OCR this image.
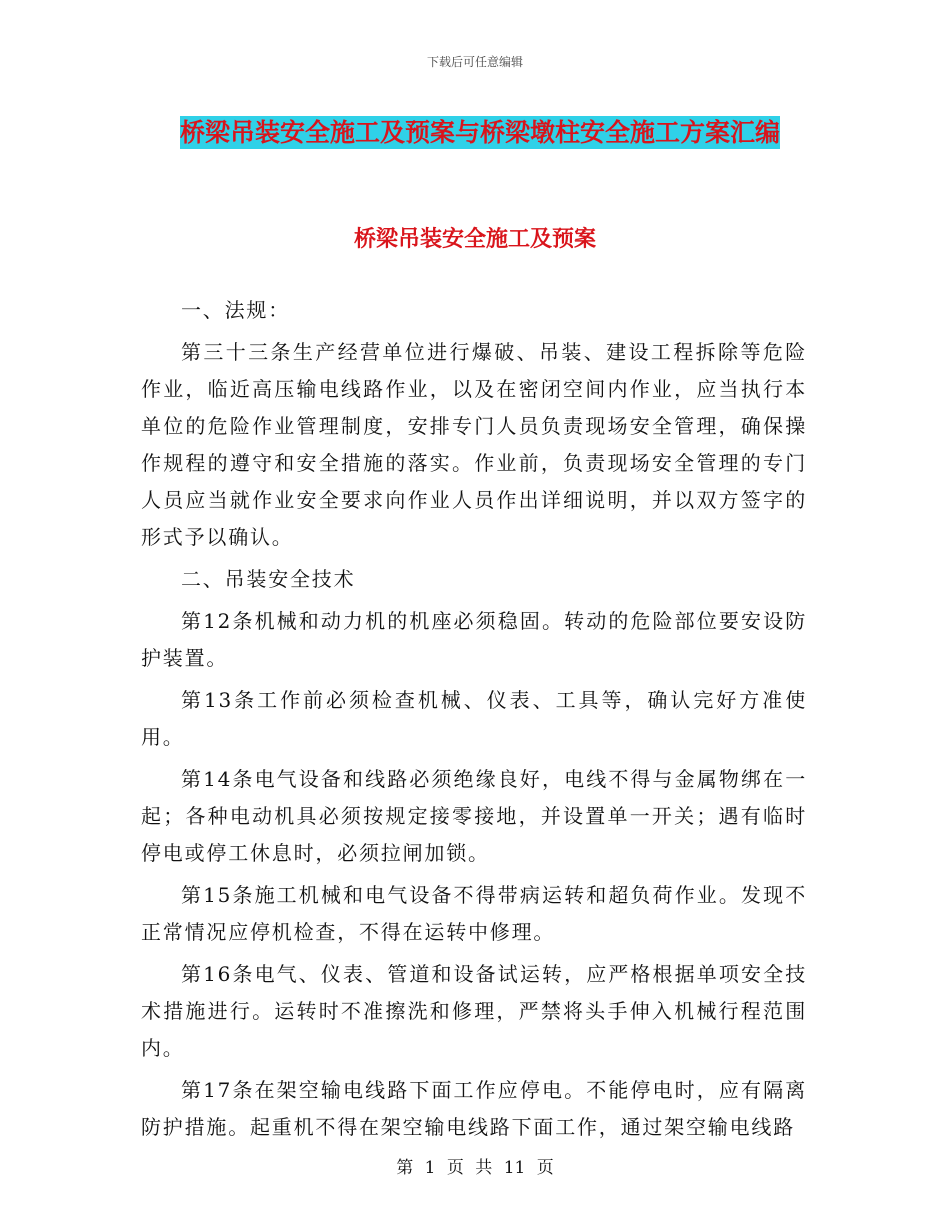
下载后可任意编辑
桥梁吊装安全施工及预案与桥梁墩柱安全施工方案汇编
桥梁吊装安全施工及预案

一、法规：

第三十三条生产经营单位进行爆破、吊装、建设工程拆除等危险作业，临近高压输电线路作业，以及在密闭空间内作业，应当执行本单位的危险作业管理制度，安排专门人员负责现场安全管理，确保操作规程的遵守和安全措施的落实。作业前，负责现场安全管理的专门人员应当就作业安全要求向作业人员作出详细说明，并以双方签字的形式予以确认。

二、吊装安全技术

第12条机械和动力机的机座必须稳固。转动的危险部位要安设防护装置。

第13条工作前必须检查机械、仪表、工具等，确认完好方准使用。

第14条电气设备和线路必须绝缘良好，电线不得与金属物绑在一起；各种电动机具必须按规定接零接地，并设置单一开关；遇有临时停电或停工休息时，必须拉闸加锁。

第15条施工机械和电气设备不得带病运转和超负荷作业。发现不正常情况应停机检查，不得在运转中修理。

第16条电气、仪表、管道和设备试运转，应严格根据单项安全技术措施进行。运转时不准擦洗和修理，严禁将头手伸入机械行程范围内。

第17条在架空输电线路下面工作应停电。不能停电时，应有隔离防护措施。起重机不得在架空输电线路下面工作，通过架空输电线路

第 1 页 共 11 页
